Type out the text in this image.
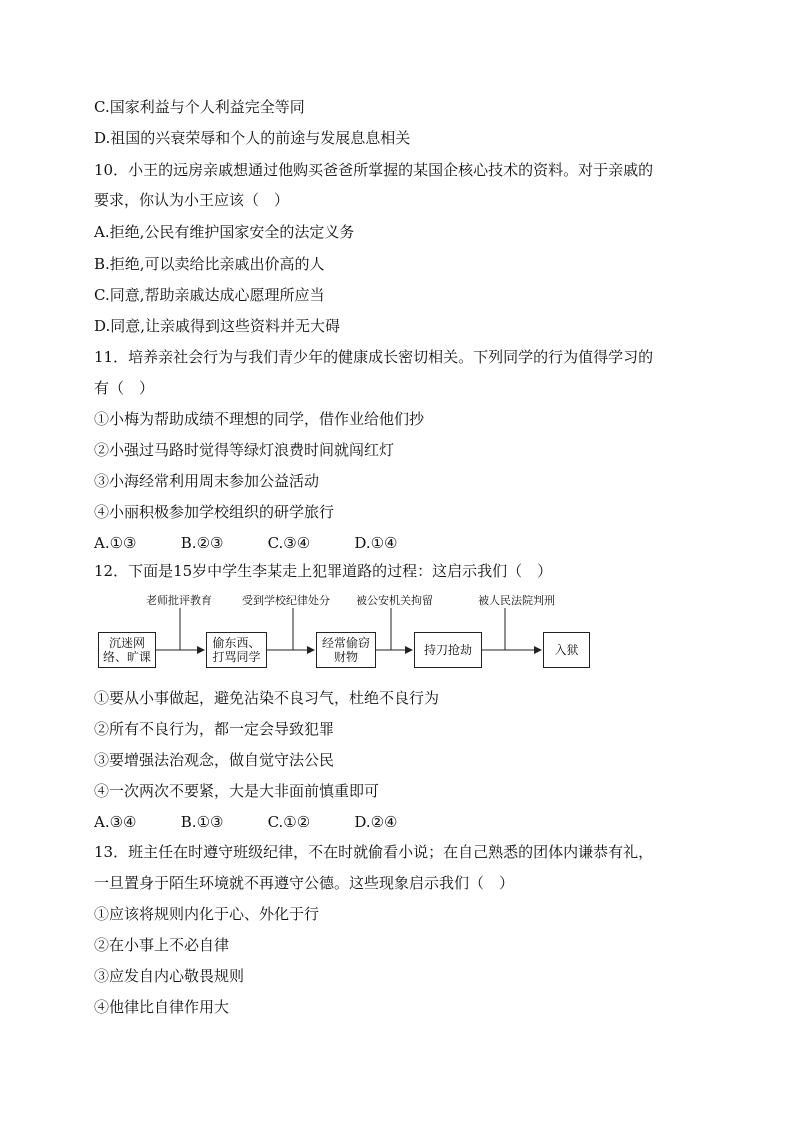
C.国家利益与个人利益完全等同
D.祖国的兴衰荣辱和个人的前途与发展息息相关
10．小王的远房亲戚想通过他购买爸爸所掌握的某国企核心技术的资料。对于亲戚的
要求，你认为小王应该（　）
A.拒绝,公民有维护国家安全的法定义务
B.拒绝,可以卖给比亲戚出价高的人
C.同意,帮助亲戚达成心愿理所应当
D.同意,让亲戚得到这些资料并无大碍
11．培养亲社会行为与我们青少年的健康成长密切相关。下列同学的行为值得学习的
有（　）
①小梅为帮助成绩不理想的同学，借作业给他们抄
②小强过马路时觉得等绿灯浪费时间就闯红灯
③小海经常利用周末参加公益活动
④小丽积极参加学校组织的研学旅行
A.①③	B.②③	C.③④	D.①④
12．下面是15岁中学生李某走上犯罪道路的过程：这启示我们（　）
老师批评教育	受到学校纪律处分 被公安机关拘留	被人民法院判刑
沉迷网络、旷课
偷东西、打骂同学
经常偷窃财物	持刀抢劫	入狱
①要从小事做起，避免沾染不良习气，杜绝不良行为
②所有不良行为，都一定会导致犯罪
③要增强法治观念，做自觉守法公民
④一次两次不要紧，大是大非面前慎重即可
A.③④	B.①③	C.①②	D.②④
13．班主任在时遵守班级纪律，不在时就偷看小说；在自己熟悉的团体内谦恭有礼，
一旦置身于陌生环境就不再遵守公德。这些现象启示我们（　）
①应该将规则内化于心、外化于行
②在小事上不必自律
③应发自内心敬畏规则
④他律比自律作用大
